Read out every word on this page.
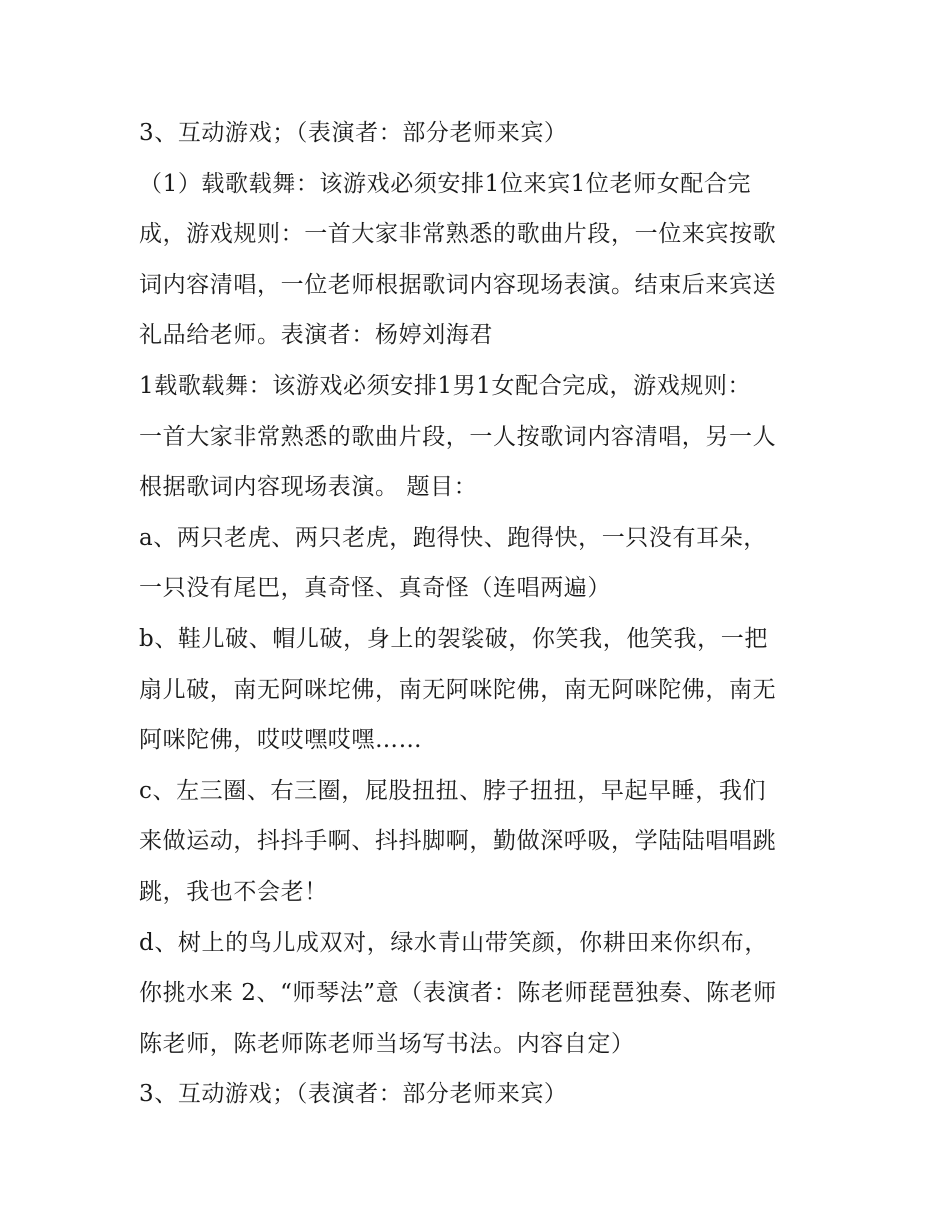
3、互动游戏；（表演者：部分老师来宾）
（1）载歌载舞：该游戏必须安排1位来宾1位老师女配合完
成，游戏规则：一首大家非常熟悉的歌曲片段，一位来宾按歌
词内容清唱，一位老师根据歌词内容现场表演。结束后来宾送
礼品给老师。表演者：杨婷刘海君
1载歌载舞：该游戏必须安排1男1女配合完成，游戏规则：
一首大家非常熟悉的歌曲片段，一人按歌词内容清唱，另一人
根据歌词内容现场表演。 题目：
a、两只老虎、两只老虎，跑得快、跑得快，一只没有耳朵，
一只没有尾巴，真奇怪、真奇怪（连唱两遍）
b、鞋儿破、帽儿破，身上的袈裟破，你笑我，他笑我，一把
扇儿破，南无阿咪坨佛，南无阿咪陀佛，南无阿咪陀佛，南无
阿咪陀佛，哎哎嘿哎嘿……
c、左三圈、右三圈，屁股扭扭、脖子扭扭，早起早睡，我们
来做运动，抖抖手啊、抖抖脚啊，勤做深呼吸，学陆陆唱唱跳
跳，我也不会老！
d、树上的鸟儿成双对，绿水青山带笑颜，你耕田来你织布，
你挑水来 2、“师琴法”意（表演者：陈老师琵琶独奏、陈老师
陈老师，陈老师陈老师当场写书法。内容自定）
3、互动游戏；（表演者：部分老师来宾）
